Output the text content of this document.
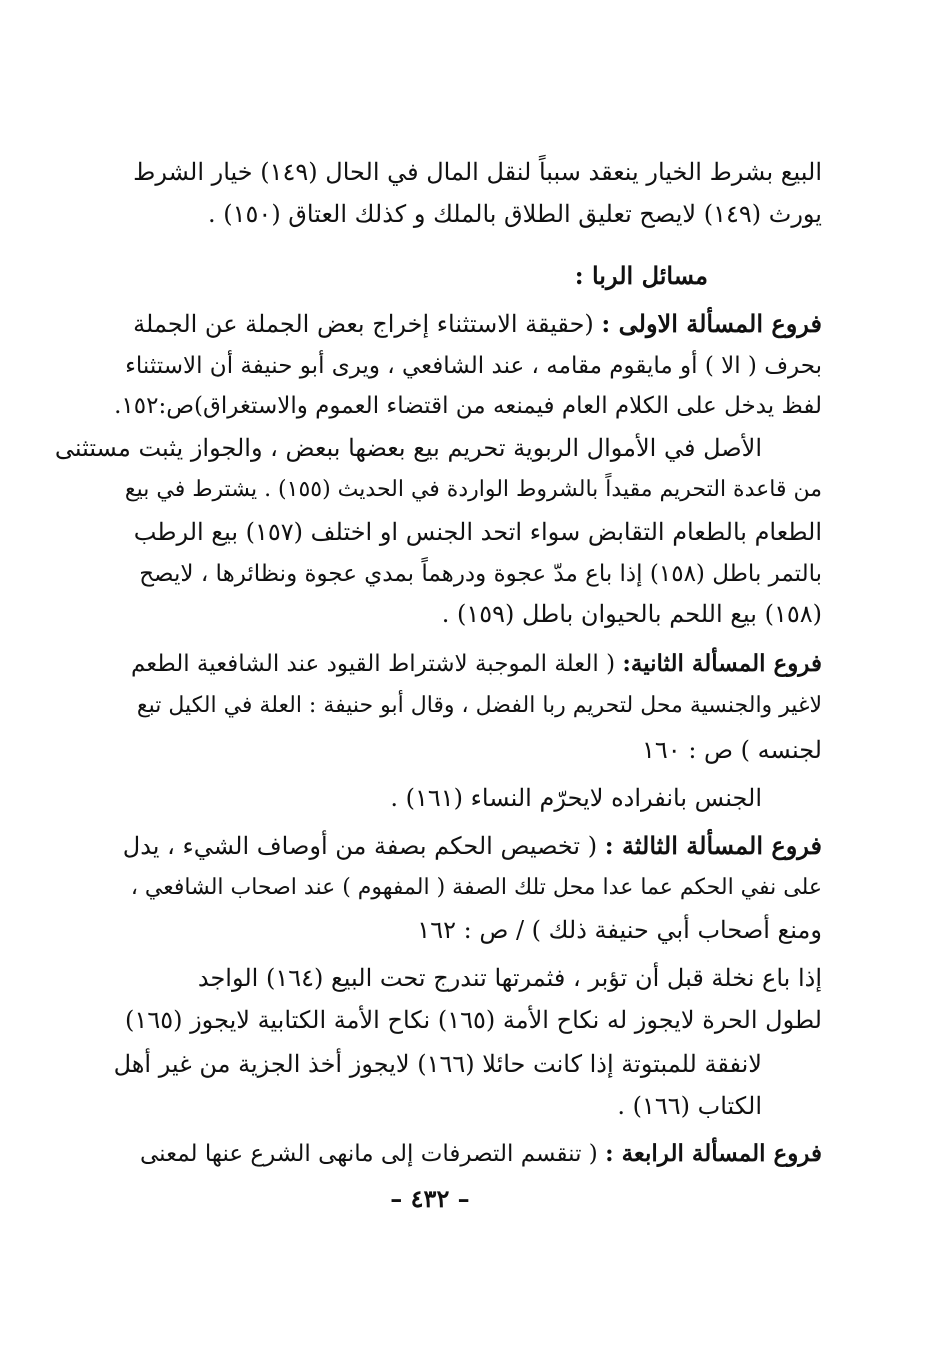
البيع بشرط الخيار ينعقد سبباً لنقل المال في الحال (١٤٩) خيار الشرط
يورث (١٤٩) لايصح تعليق الطلاق بالملك و كذلك العتاق (١٥٠) .
مسائل الربا :
فروع المسألة الاولى : (حقيقة الاستثناء إخراج بعض الجملة عن الجملة
بحرف ( الا ) أو مايقوم مقامه ، عند الشافعي ، ويرى أبو حنيفة أن الاستثناء
لفظ يدخل على الكلام العام فيمنعه من اقتضاء العموم والاستغراق)ص:١٥٢.
الأصل في الأموال الربوية تحريم بيع بعضها ببعض ، والجواز يثبت مستثنى
من قاعدة التحريم مقيداً بالشروط الواردة في الحديث (١٥٥) . يشترط في بيع
الطعام بالطعام التقابض سواء اتحد الجنس او اختلف (١٥٧) بيع الرطب
بالتمر باطل (١٥٨) إذا باع مدّ عجوة ودرهماً بمدي عجوة ونظائرها ، لايصح
(١٥٨) بيع اللحم بالحيوان باطل (١٥٩) .
فروع المسألة الثانية: ( العلة الموجبة لاشتراط القيود عند الشافعية الطعم
لاغير والجنسية محل لتحريم ربا الفضل ، وقال أبو حنيفة : العلة في الكيل تبع
لجنسه ) ص : ١٦٠
الجنس بانفراده لايحرّم النساء (١٦١) .
فروع المسألة الثالثة : ( تخصيص الحكم بصفة من أوصاف الشيء ، يدل
على نفي الحكم عما عدا محل تلك الصفة ( المفهوم ) عند اصحاب الشافعي ،
ومنع أصحاب أبي حنيفة ذلك ) / ص : ١٦٢
إذا باع نخلة قبل أن تؤبر ، فثمرتها تندرج تحت البيع (١٦٤) الواجد
لطول الحرة لايجوز له نكاح الأمة (١٦٥) نكاح الأمة الكتابية لايجوز (١٦٥)
لانفقة للمبتوتة إذا كانت حائلا (١٦٦) لايجوز أخذ الجزية من غير أهل
الكتاب (١٦٦) .
فروع المسألة الرابعة : ( تنقسم التصرفات إلى مانهى الشرع عنها لمعنى
– ٤٣٢ –
